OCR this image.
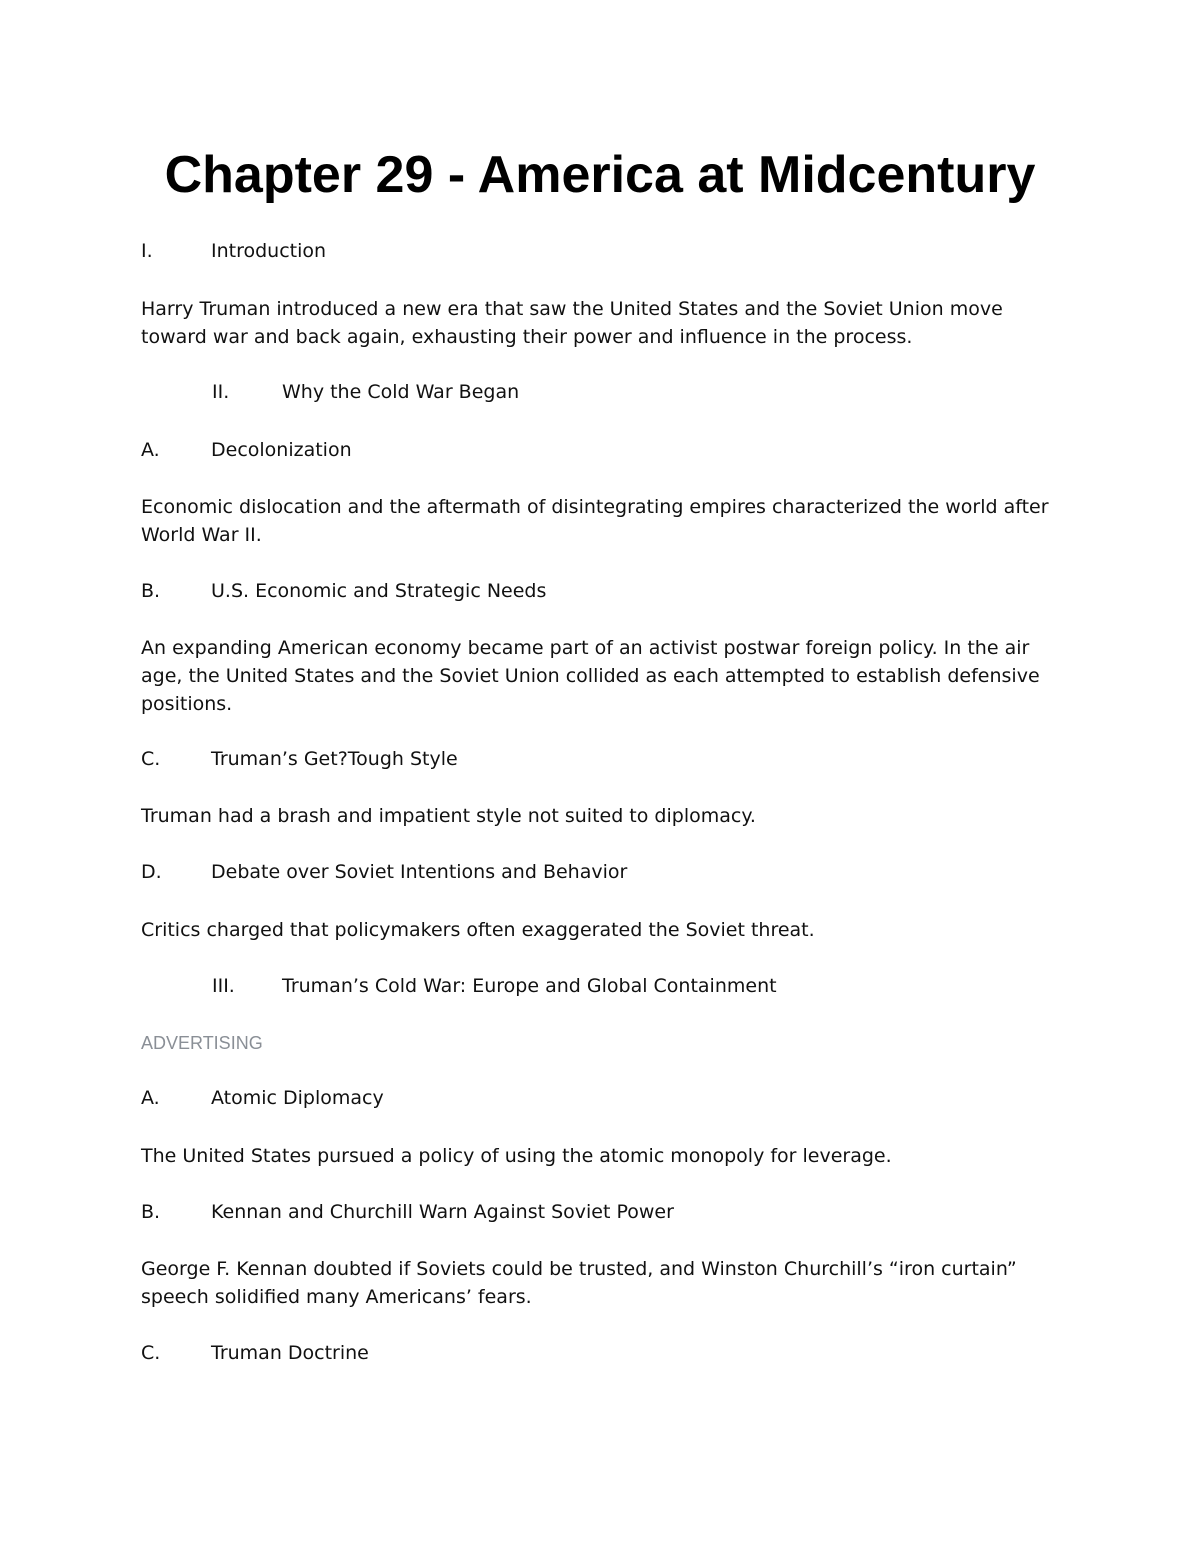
Chapter 29 - America at Midcentury

I.	Introduction

Harry Truman introduced a new era that saw the United States and the Soviet Union move toward war and back again, exhausting their power and influence in the process.

II.	Why the Cold War Began

A.	Decolonization

Economic dislocation and the aftermath of disintegrating empires characterized the world after World War II.

B.	U.S. Economic and Strategic Needs

An expanding American economy became part of an activist postwar foreign policy. In the air age, the United States and the Soviet Union collided as each attempted to establish defensive positions.

C.	Truman’s Get?Tough Style

Truman had a brash and impatient style not suited to diplomacy.

D.	Debate over Soviet Intentions and Behavior

Critics charged that policymakers often exaggerated the Soviet threat.

III. Truman’s Cold War: Europe and Global Containment

ADVERTISING

A.	Atomic Diplomacy

The United States pursued a policy of using the atomic monopoly for leverage.

B.	Kennan and Churchill Warn Against Soviet Power

George F. Kennan doubted if Soviets could be trusted, and Winston Churchill’s “iron curtain” speech solidified many Americans’ fears.

C.	Truman Doctrine
